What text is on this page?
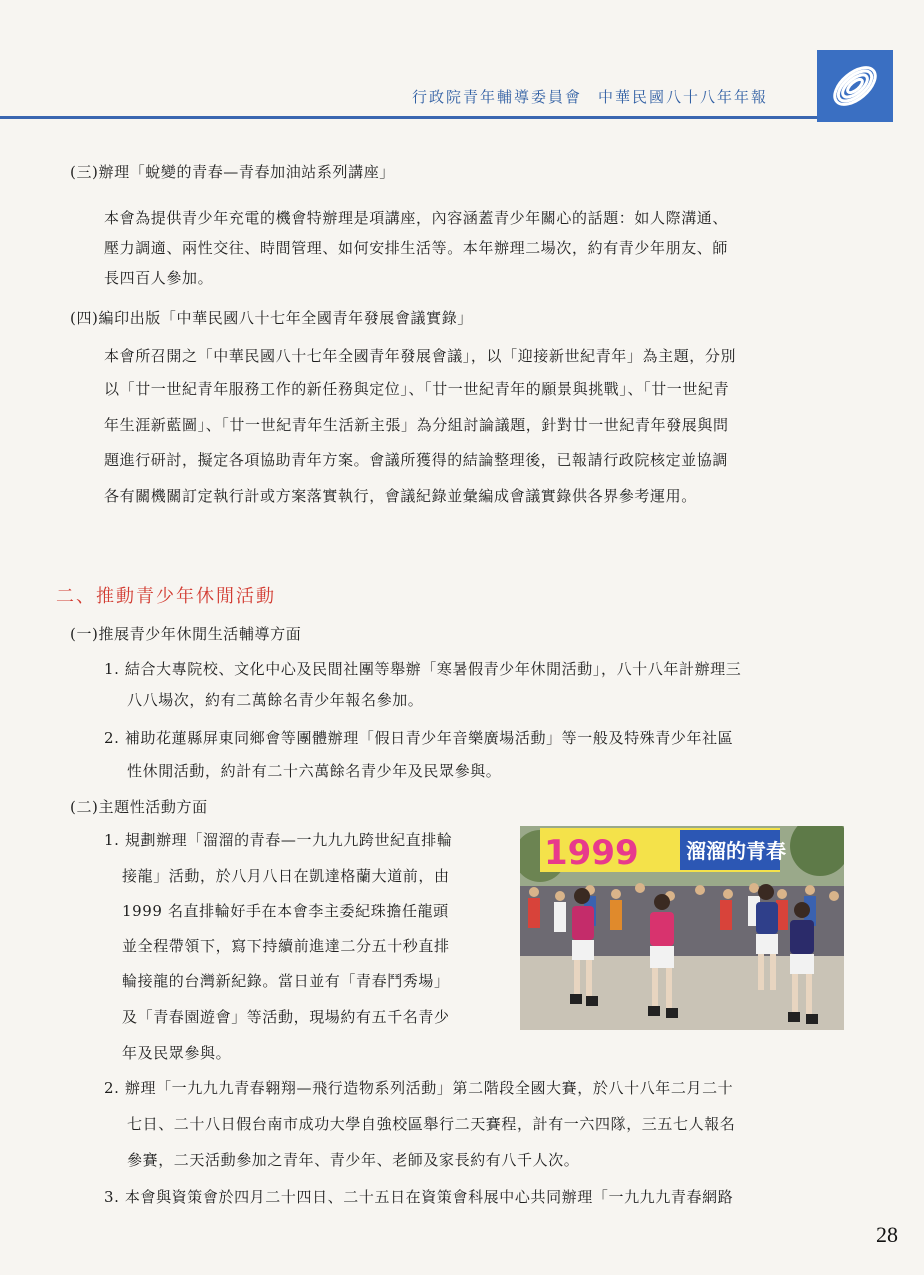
行政院青年輔導委員會 中華民國八十八年年報
(三)辦理「蛻變的青春—青春加油站系列講座」
本會為提供青少年充電的機會特辦理是項講座，內容涵蓋青少年關心的話題：如人際溝通、
壓力調適、兩性交往、時間管理、如何安排生活等。本年辦理二場次，約有青少年朋友、師
長四百人參加。
(四)編印出版「中華民國八十七年全國青年發展會議實錄」
本會所召開之「中華民國八十七年全國青年發展會議」，以「迎接新世紀青年」為主題，分別
以「廿一世紀青年服務工作的新任務與定位」、「廿一世紀青年的願景與挑戰」、「廿一世紀青
年生涯新藍圖」、「廿一世紀青年生活新主張」為分組討論議題，針對廿一世紀青年發展與問
題進行研討，擬定各項協助青年方案。會議所獲得的結論整理後，已報請行政院核定並協調
各有關機關訂定執行計或方案落實執行，會議紀錄並彙編成會議實錄供各界參考運用。
二、推動青少年休閒活動
(一)推展青少年休閒生活輔導方面
1. 結合大專院校、文化中心及民間社團等舉辦「寒暑假青少年休閒活動」，八十八年計辦理三
八八場次，約有二萬餘名青少年報名參加。
2. 補助花蓮縣屏東同鄉會等團體辦理「假日青少年音樂廣場活動」等一般及特殊青少年社區
性休閒活動，約計有二十六萬餘名青少年及民眾參與。
(二)主題性活動方面
1. 規劃辦理「溜溜的青春—一九九九跨世紀直排輪
接龍」活動，於八月八日在凱達格蘭大道前，由
1999 名直排輪好手在本會李主委紀珠擔任龍頭
並全程帶領下，寫下持續前進達二分五十秒直排
輪接龍的台灣新紀錄。當日並有「青春鬥秀場」
及「青春園遊會」等活動，現場約有五千名青少
年及民眾參與。
1999 溜溜的青春
2. 辦理「一九九九青春翱翔—飛行造物系列活動」第二階段全國大賽，於八十八年二月二十
七日、二十八日假台南市成功大學自強校區舉行二天賽程，計有一六四隊，三五七人報名
參賽，二天活動參加之青年、青少年、老師及家長約有八千人次。
3. 本會與資策會於四月二十四日、二十五日在資策會科展中心共同辦理「一九九九青春網路
28
